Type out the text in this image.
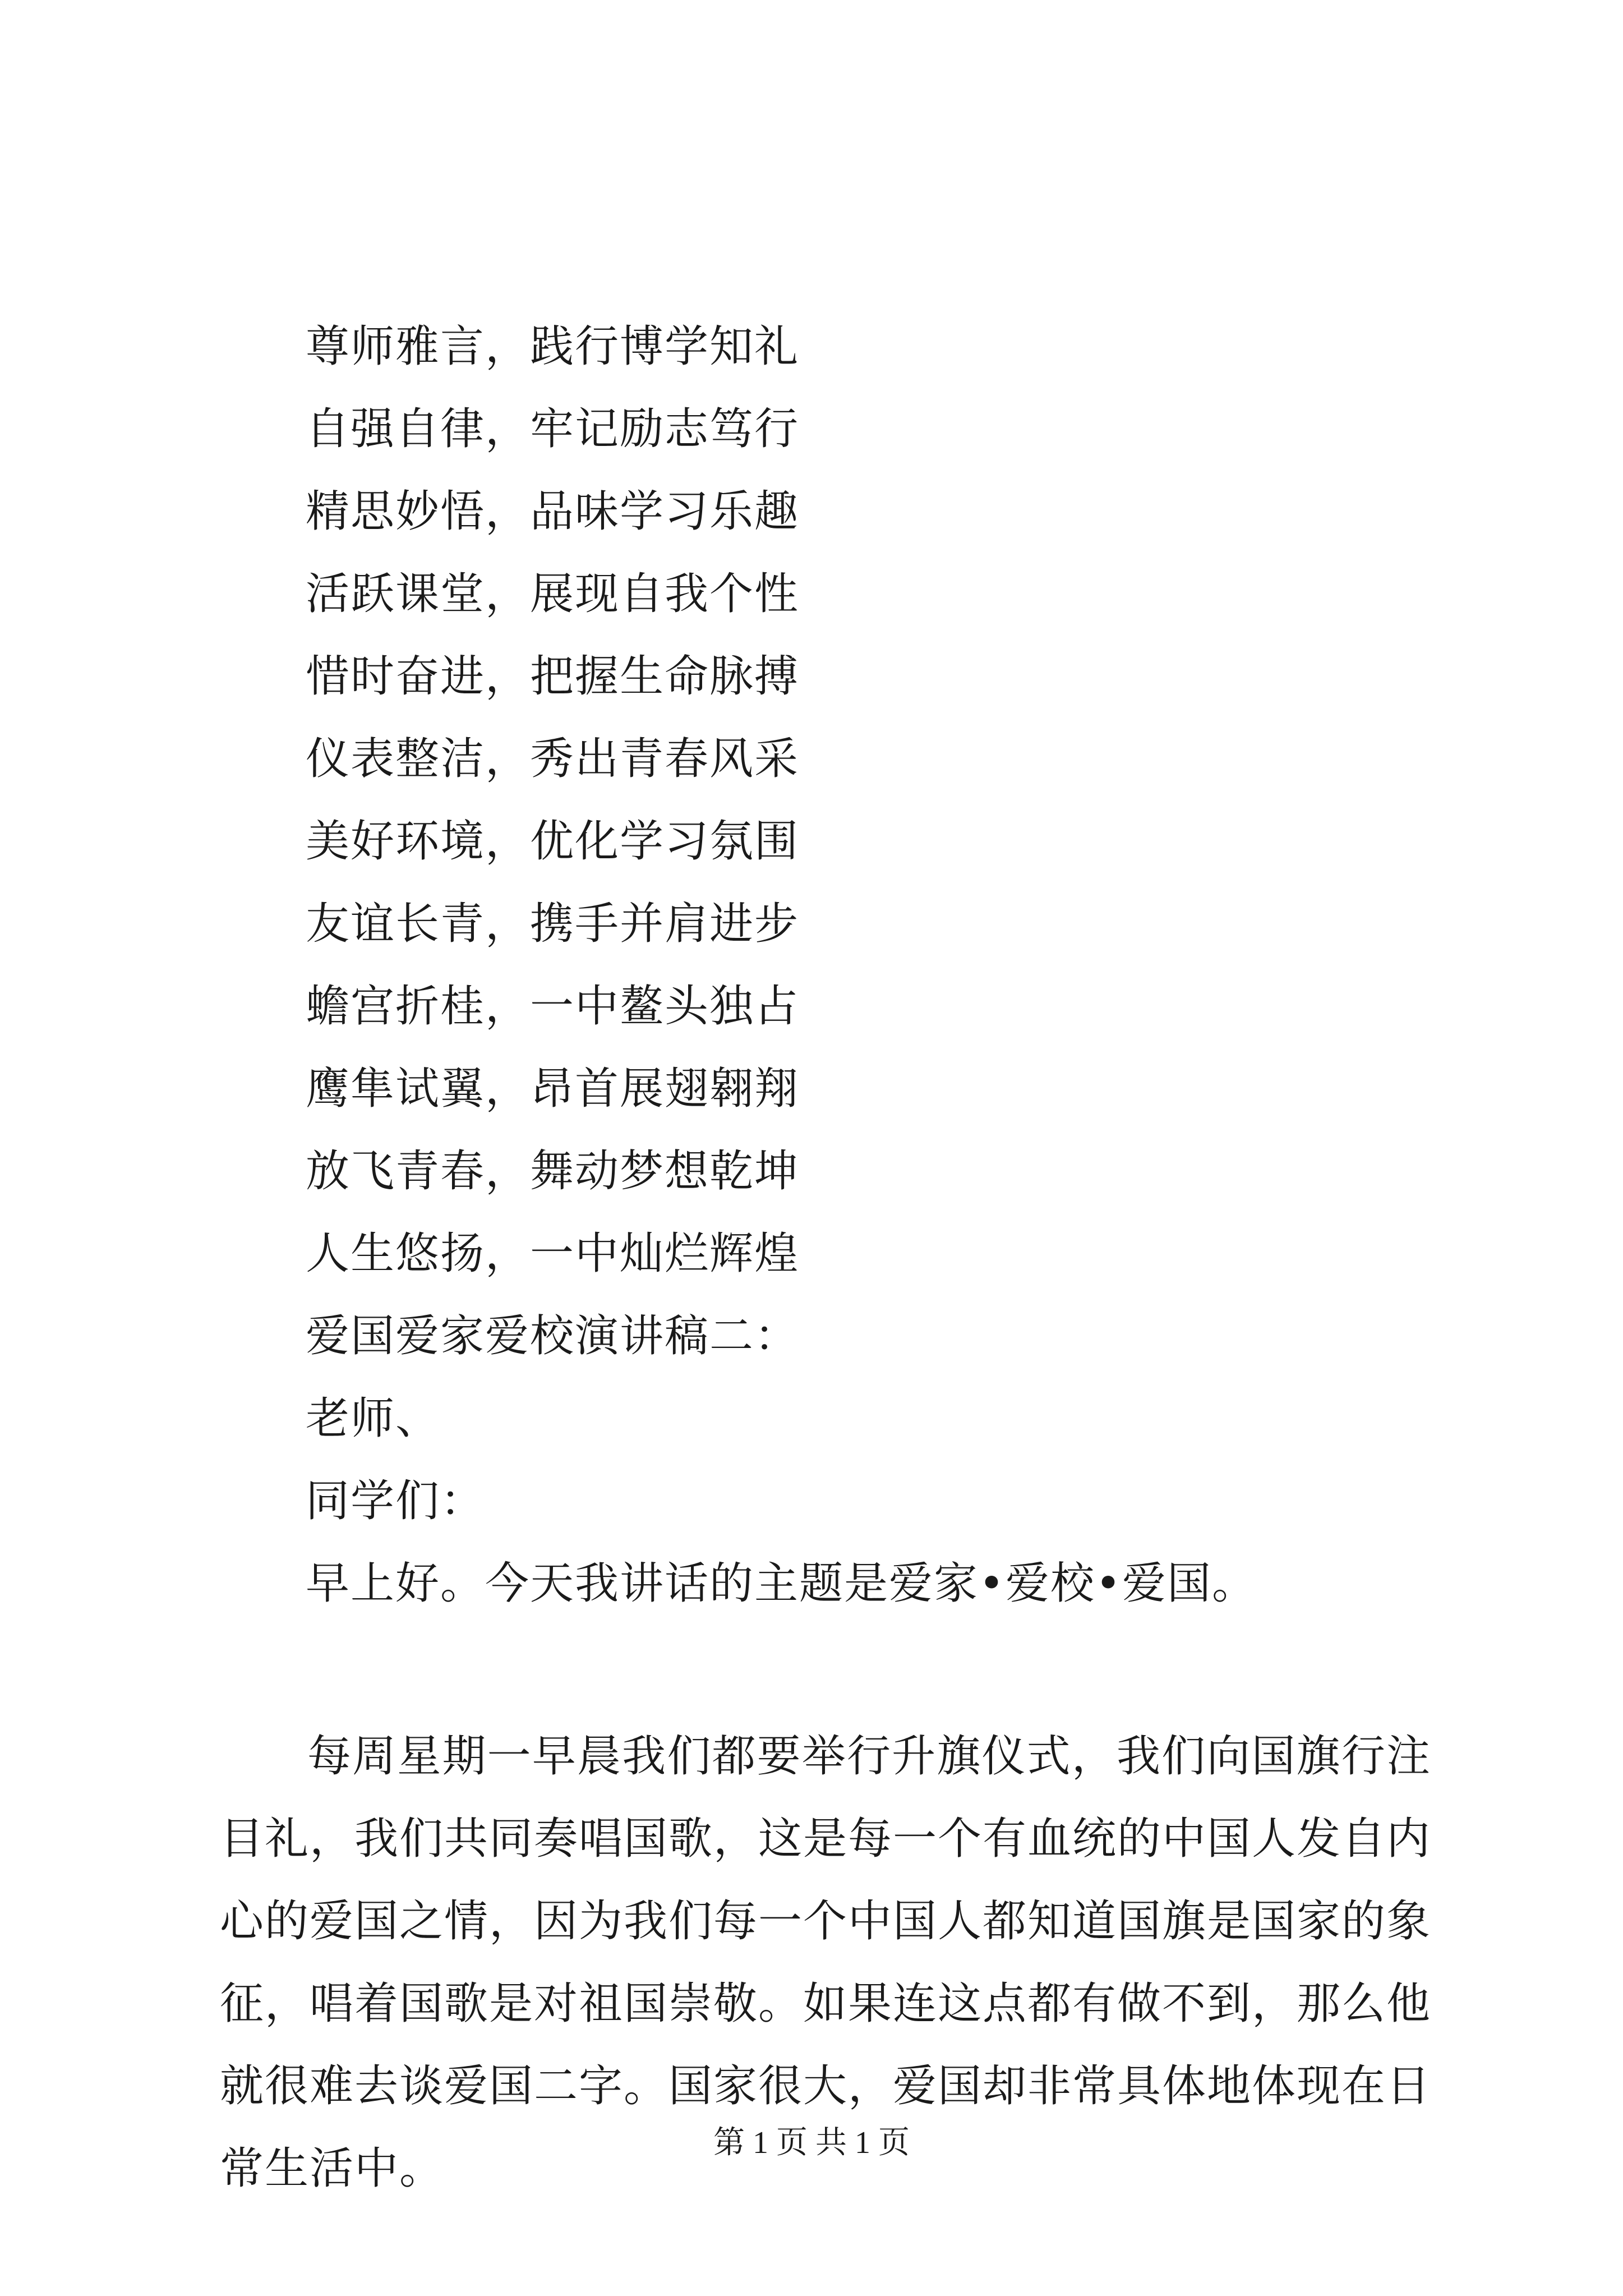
尊师雅言，践行博学知礼
自强自律，牢记励志笃行
精思妙悟，品味学习乐趣
活跃课堂，展现自我个性
惜时奋进，把握生命脉搏
仪表整洁，秀出青春风采
美好环境，优化学习氛围
友谊长青，携手并肩进步
蟾宫折桂，一中鳌头独占
鹰隼试翼，昂首展翅翱翔
放飞青春，舞动梦想乾坤
人生悠扬，一中灿烂辉煌
爱国爱家爱校演讲稿二：
老师、
同学们：
早上好。今天我讲话的主题是爱家•爱校•爱国。
每周星期一早晨我们都要举行升旗仪式，我们向国旗行注目礼，我们共同奏唱国歌，这是每一个有血统的中国人发自内心的爱国之情，因为我们每一个中国人都知道国旗是国家的象征，唱着国歌是对祖国崇敬。如果连这点都有做不到，那么他就很难去谈爱国二字。国家很大，爱国却非常具体地体现在日常生活中。
第 1 页 共 1 页
